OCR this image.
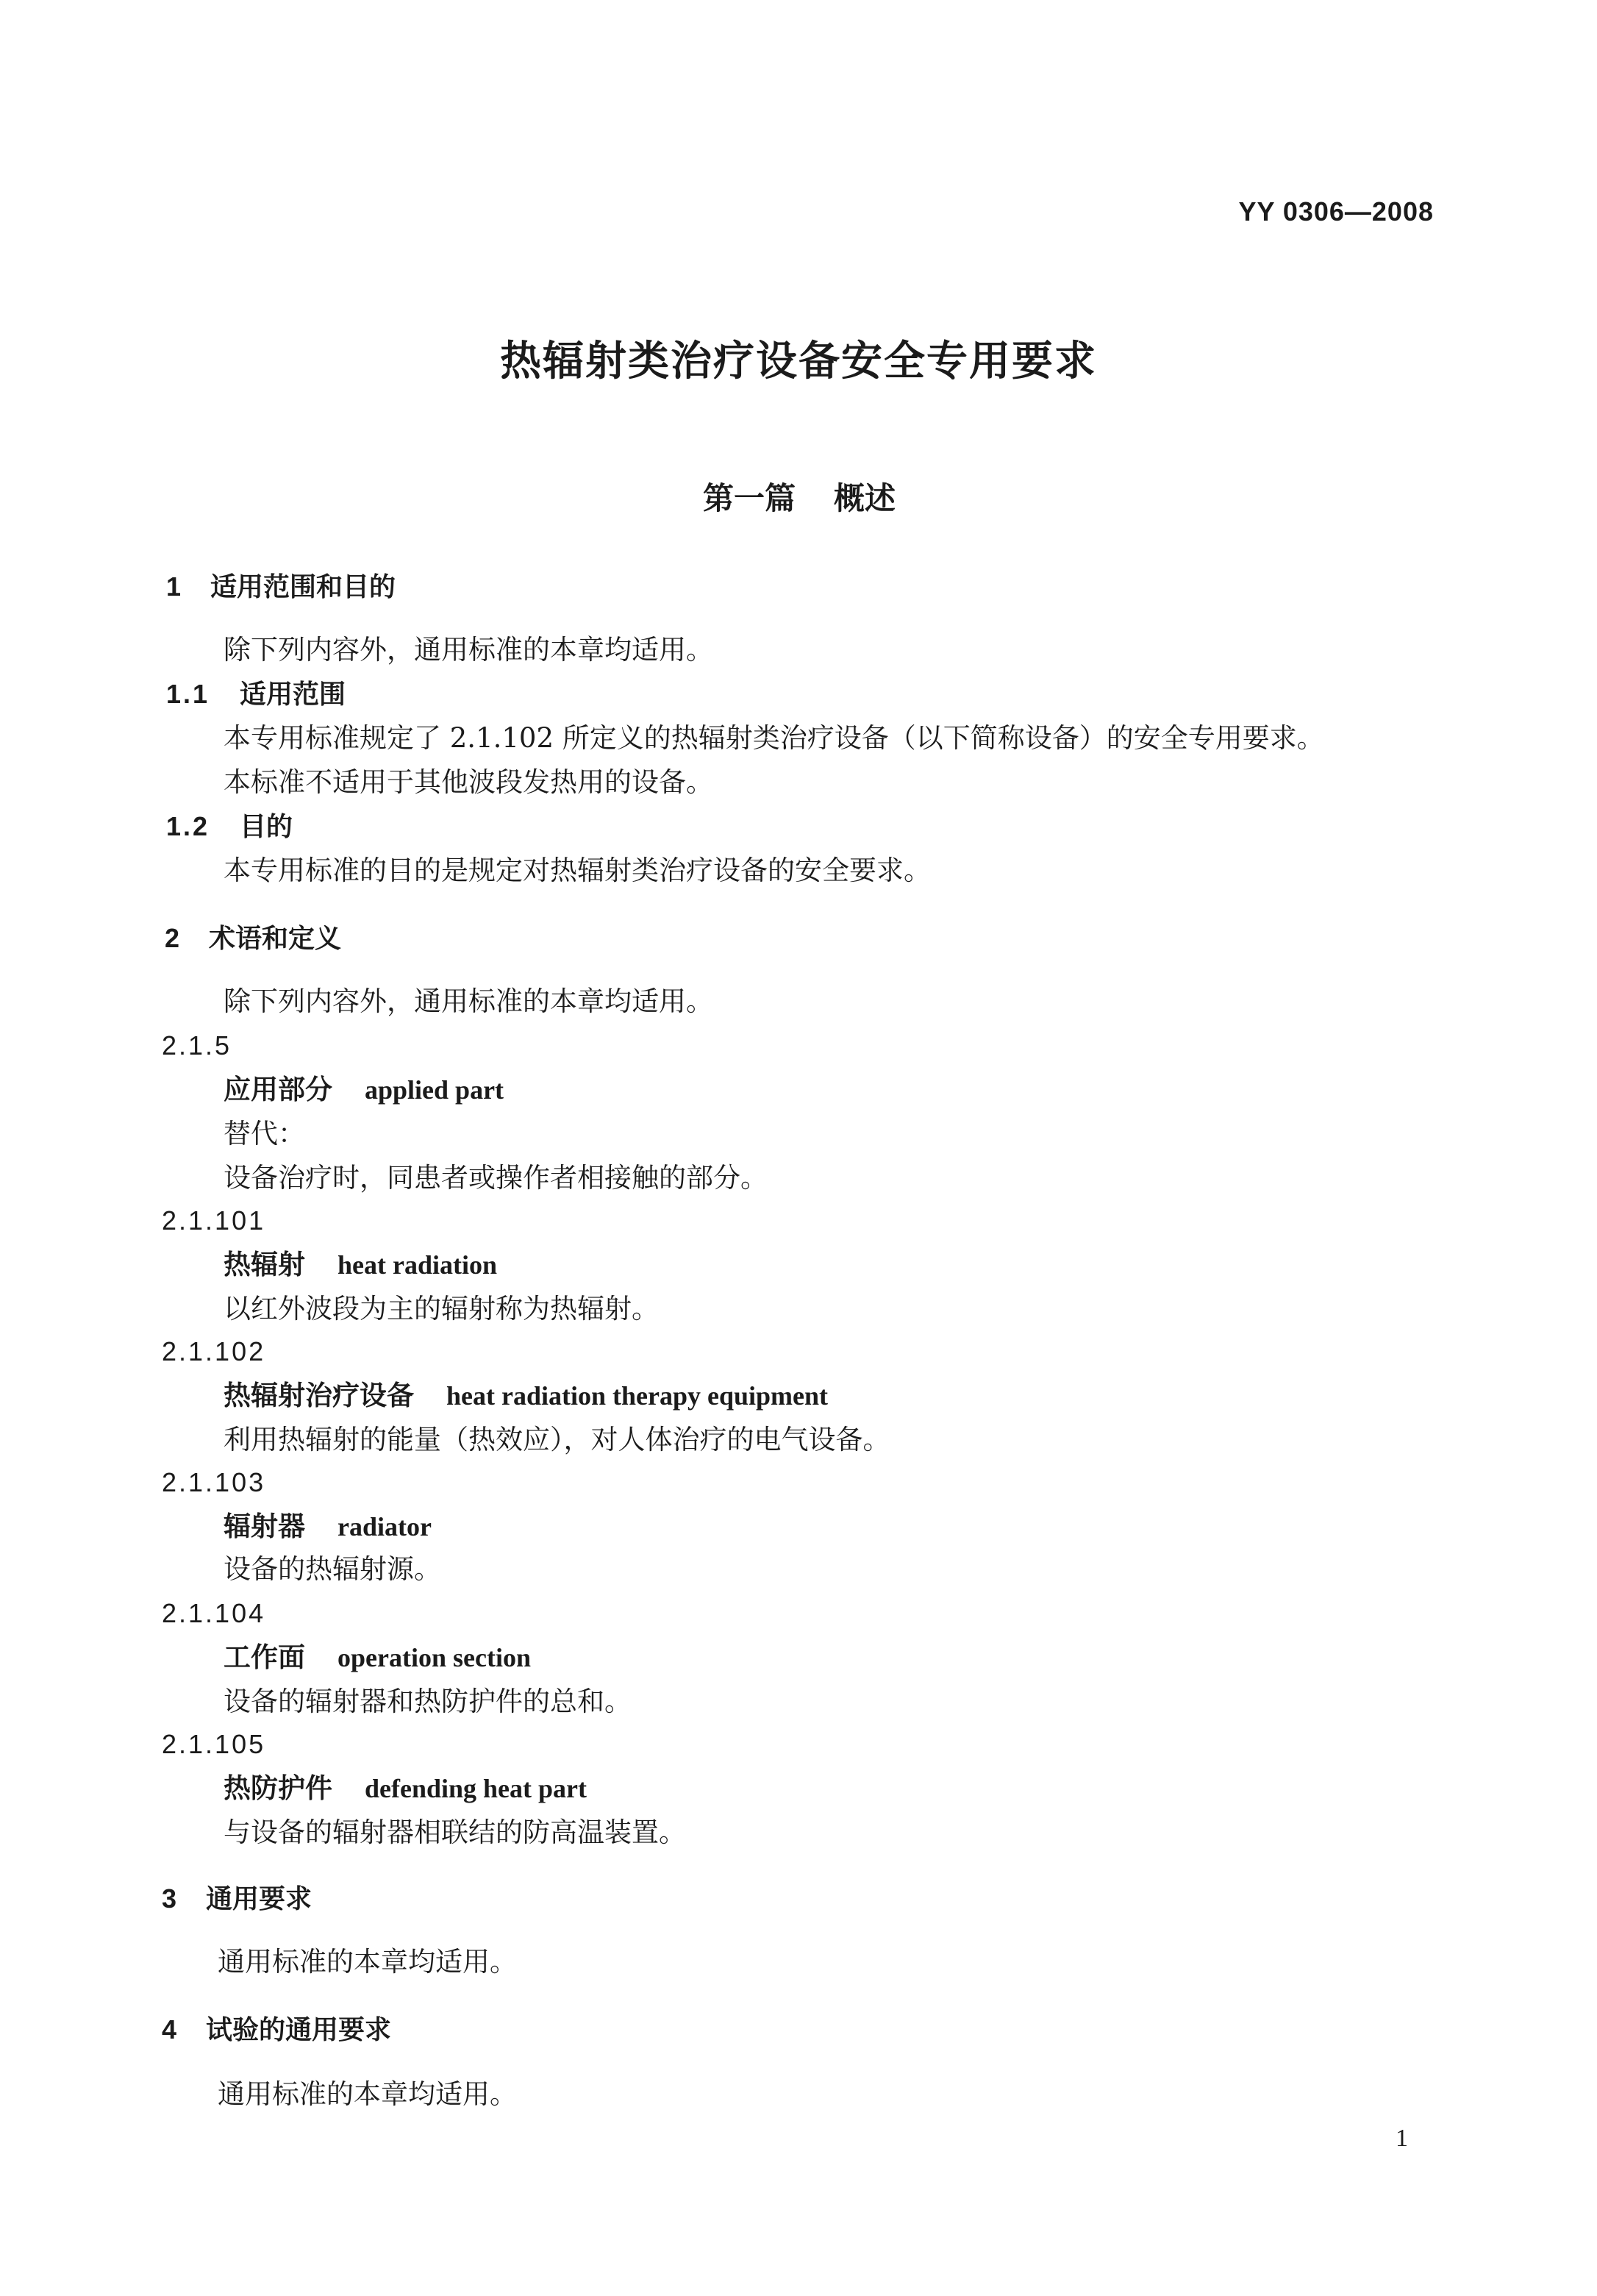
YY 0306—2008
热辐射类治疗设备安全专用要求
第一篇 概述
1 适用范围和目的
除下列内容外，通用标准的本章均适用。
1.1 适用范围
本专用标准规定了 2.1.102 所定义的热辐射类治疗设备（以下简称设备）的安全专用要求。
本标准不适用于其他波段发热用的设备。
1.2 目的
本专用标准的目的是规定对热辐射类治疗设备的安全要求。
2 术语和定义
除下列内容外，通用标准的本章均适用。
2.1.5
应用部分 applied part
替代：
设备治疗时，同患者或操作者相接触的部分。
2.1.101
热辐射 heat radiation
以红外波段为主的辐射称为热辐射。
2.1.102
热辐射治疗设备 heat radiation therapy equipment
利用热辐射的能量（热效应），对人体治疗的电气设备。
2.1.103
辐射器 radiator
设备的热辐射源。
2.1.104
工作面 operation section
设备的辐射器和热防护件的总和。
2.1.105
热防护件 defending heat part
与设备的辐射器相联结的防高温装置。
3 通用要求
通用标准的本章均适用。
4 试验的通用要求
通用标准的本章均适用。
1
